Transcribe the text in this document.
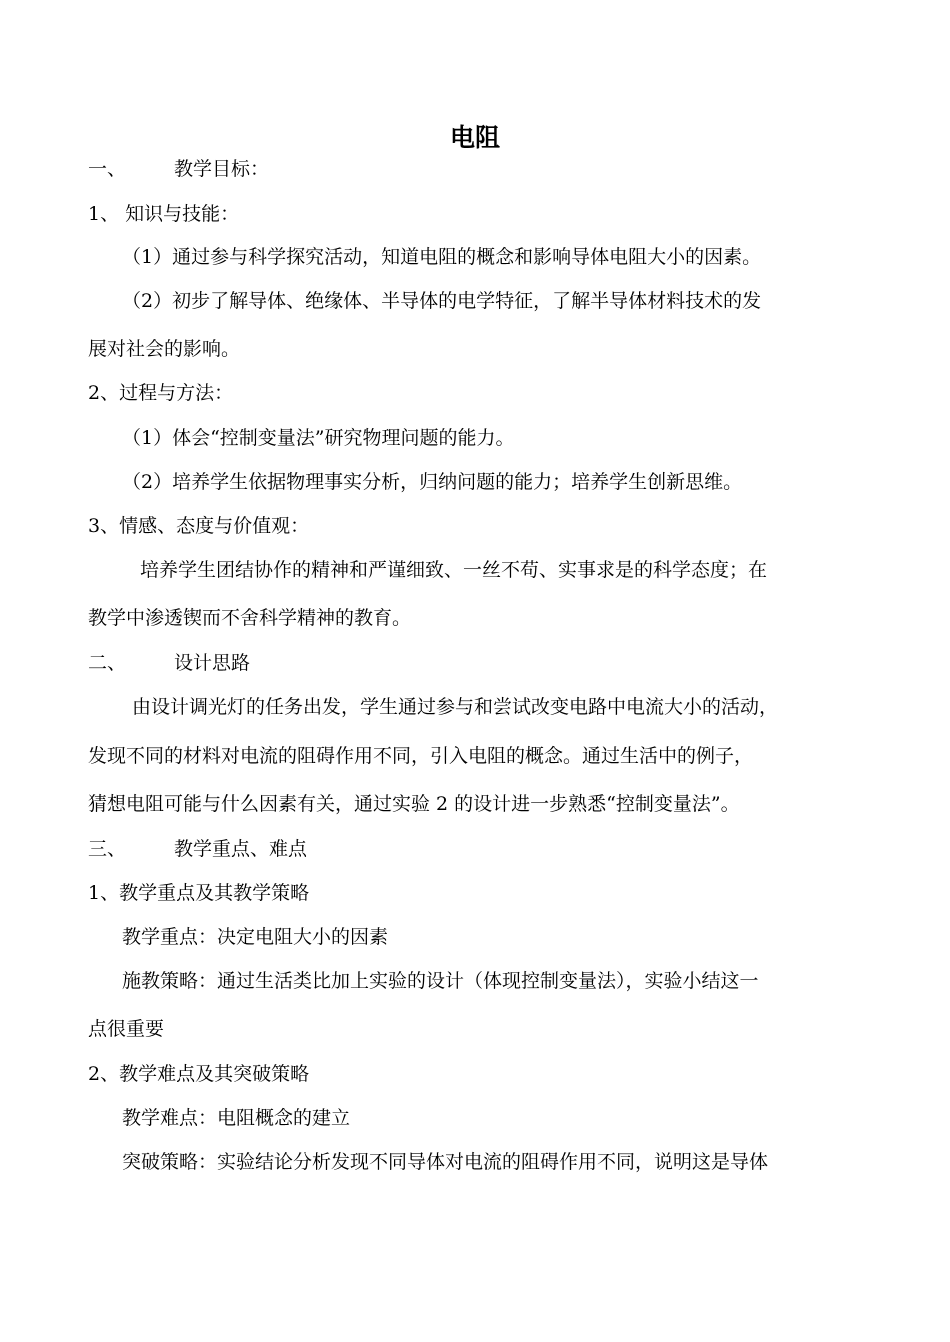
电阻

一、	教学目标：

1、 知识与技能：

（1）通过参与科学探究活动，知道电阻的概念和影响导体电阻大小的因素。

（2）初步了解导体、绝缘体、半导体的电学特征，了解半导体材料技术的发

展对社会的影响。

2、过程与方法：

（1）体会“控制变量法”研究物理问题的能力。

（2）培养学生依据物理事实分析，归纳问题的能力；培养学生创新思维。

3、情感、态度与价值观：

培养学生团结协作的精神和严谨细致、一丝不苟、实事求是的科学态度；在

教学中渗透锲而不舍科学精神的教育。

二、	设计思路

由设计调光灯的任务出发，学生通过参与和尝试改变电路中电流大小的活动，

发现不同的材料对电流的阻碍作用不同，引入电阻的概念。通过生活中的例子，

猜想电阻可能与什么因素有关，通过实验 2 的设计进一步熟悉“控制变量法”。

三、	教学重点、难点

1、教学重点及其教学策略

教学重点：决定电阻大小的因素

施教策略：通过生活类比加上实验的设计（体现控制变量法），实验小结这一

点很重要

2、教学难点及其突破策略

教学难点：电阻概念的建立

突破策略：实验结论分析发现不同导体对电流的阻碍作用不同，说明这是导体
